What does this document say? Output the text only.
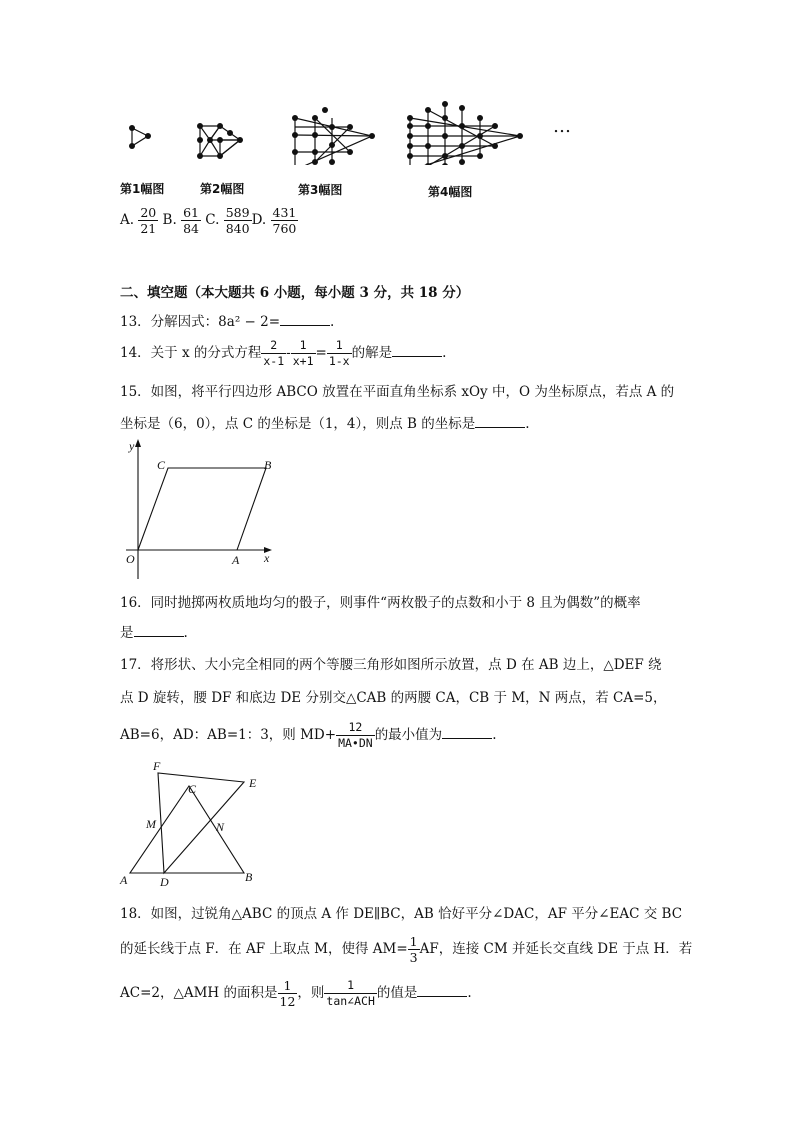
…
第1幅图	第2幅图	第3幅图	第4幅图
A. $\frac{20}{21} B$. $\frac{61}{84} C$. $\frac{589}{840} D$. $\frac{431}{760}$
二、填空题（本大题共 6 小题，每小题 3 分，共 18 分）
13．分解因式：8a² − 2=	.
14．关于 x 的分式方程 $\frac{2}{x-1} - \frac{1}{x+1} = \frac{1}{1-x}$ 的解是	.
15．如图，将平行四边形 ABCO 放置在平面直角坐标系 xOy 中，O 为坐标原点，若点 A 的
坐标是（6，0），点 C 的坐标是（1，4），则点 B 的坐标是	.
y
x
O	A
B
C
16．同时抛掷两枚质地均匀的骰子，则事件“两枚骰子的点数和小于 8 且为偶数”的概率
是	.
17．将形状、大小完全相同的两个等腰三角形如图所示放置，点 D 在 AB 边上，△DEF 绕
点 D 旋转，腰 DF 和底边 DE 分别交△CAB 的两腰 CA，CB 于 M，N 两点，若 CA=5，
AB=6，AD：AB=1：3，则 $MD+ \frac{12}{MA•DN}$ 的最小值为	.
F
C	E
M	N
A	D	B
18．如图，过锐角△ABC 的顶点 A 作 DE∥BC，AB 恰好平分∠DAC，AF 平分∠EAC 交 BC
的延长线于点 F．在 AF 上取点 M，使得 $AM= \frac{1}{3}$ AF，连接 CM 并延长交直线 DE 于点 H．若
AC=2，△AMH 的面积是 $\frac{1}{12}$ ，则 $\frac{1}{\text{tan∠ACH}}$ 的值是	.
